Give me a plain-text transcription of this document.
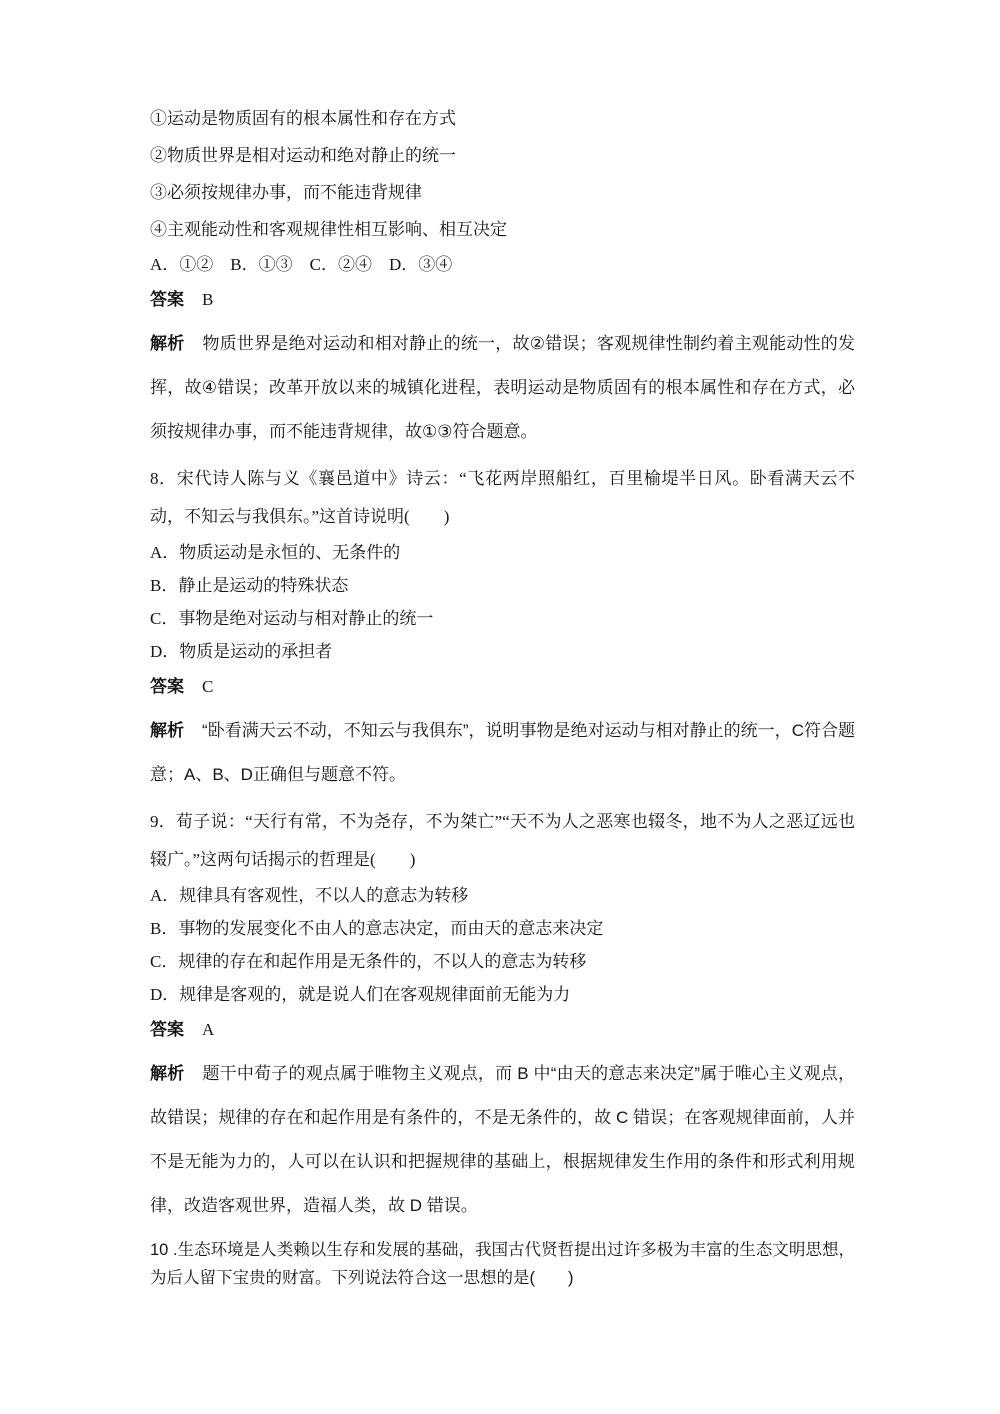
①运动是物质固有的根本属性和存在方式

②物质世界是相对运动和绝对静止的统一

③必须按规律办事，而不能违背规律

④主观能动性和客观规律性相互影响、相互决定

A．①②　B．①③　C．②④　D．③④

答案 B

解析 物质世界是绝对运动和相对静止的统一，故②错误；客观规律性制约着主观能动性的发挥，故④错误；改革开放以来的城镇化进程，表明运动是物质固有的根本属性和存在方式，必须按规律办事，而不能违背规律，故①③符合题意。

8．宋代诗人陈与义《襄邑道中》诗云：“飞花两岸照船红，百里榆堤半日风。卧看满天云不动，不知云与我俱东。”这首诗说明(　　)

A．物质运动是永恒的、无条件的

B．静止是运动的特殊状态

C．事物是绝对运动与相对静止的统一

D．物质是运动的承担者

答案 C

解析 “卧看满天云不动，不知云与我俱东”，说明事物是绝对运动与相对静止的统一，C符合题意；A、B、D正确但与题意不符。

9．荀子说：“天行有常，不为尧存，不为桀亡”“天不为人之恶寒也辍冬，地不为人之恶辽远也辍广。”这两句话揭示的哲理是(　　)

A．规律具有客观性，不以人的意志为转移

B．事物的发展变化不由人的意志决定，而由天的意志来决定

C．规律的存在和起作用是无条件的，不以人的意志为转移

D．规律是客观的，就是说人们在客观规律面前无能为力

答案 A

解析 题干中荀子的观点属于唯物主义观点，而 B 中“由天的意志来决定”属于唯心主义观点，故错误；规律的存在和起作用是有条件的，不是无条件的，故 C 错误；在客观规律面前，人并不是无能为力的，人可以在认识和把握规律的基础上，根据规律发生作用的条件和形式利用规律，改造客观世界，造福人类，故 D 错误。

10 .生态环境是人类赖以生存和发展的基础，我国古代贤哲提出过许多极为丰富的生态文明思想，为后人留下宝贵的财富。下列说法符合这一思想的是(　　)
